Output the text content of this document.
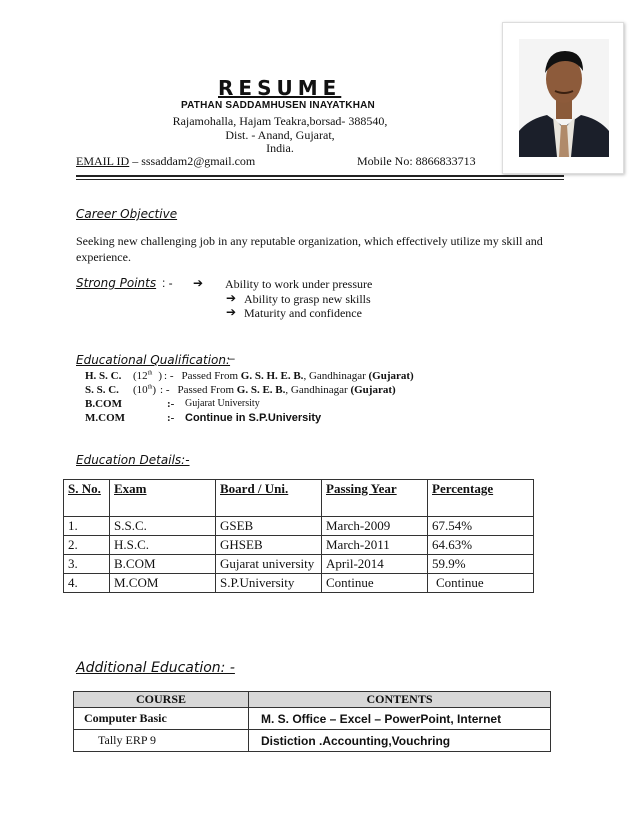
RESUME
PATHAN SADDAMHUSEN INAYATKHAN
Rajamohalla, Hajam Teakra,borsad- 388540,
Dist. - Anand, Gujarat,
India.
EMAIL ID – sssaddam2@gmail.com	Mobile No: 8866833713
Career Objective
Seeking new challenging job in any reputable organization, which effectively utilize my skill and experience.
Strong Points : - ➔ Ability to work under pressure
➔ Ability to grasp new skills
➔ Maturity and confidence
Educational Qualification:
–
H. S. C. (12th ) : - Passed From G. S. H. E. B., Gandhinagar (Gujarat)
S. S. C. (10th) : - Passed From G. S. E. B., Gandhinagar (Gujarat)
B.COM	:- Gujarat University
M.COM	:- Continue in S.P.University
Education Details:-
S. No.	Exam	Board / Uni.	Passing Year	Percentage
1.	S.S.C.	GSEB	March-2009	67.54%
2.	H.S.C.	GHSEB	March-2011	64.63%
3.	B.COM	Gujarat university	April-2014	59.9%
4.	M.COM	S.P.University	Continue	Continue
Additional Education: -
COURSE	CONTENTS
Computer Basic	M. S. Office – Excel – PowerPoint, Internet
Tally ERP 9	Distiction .Accounting,Vouchring
